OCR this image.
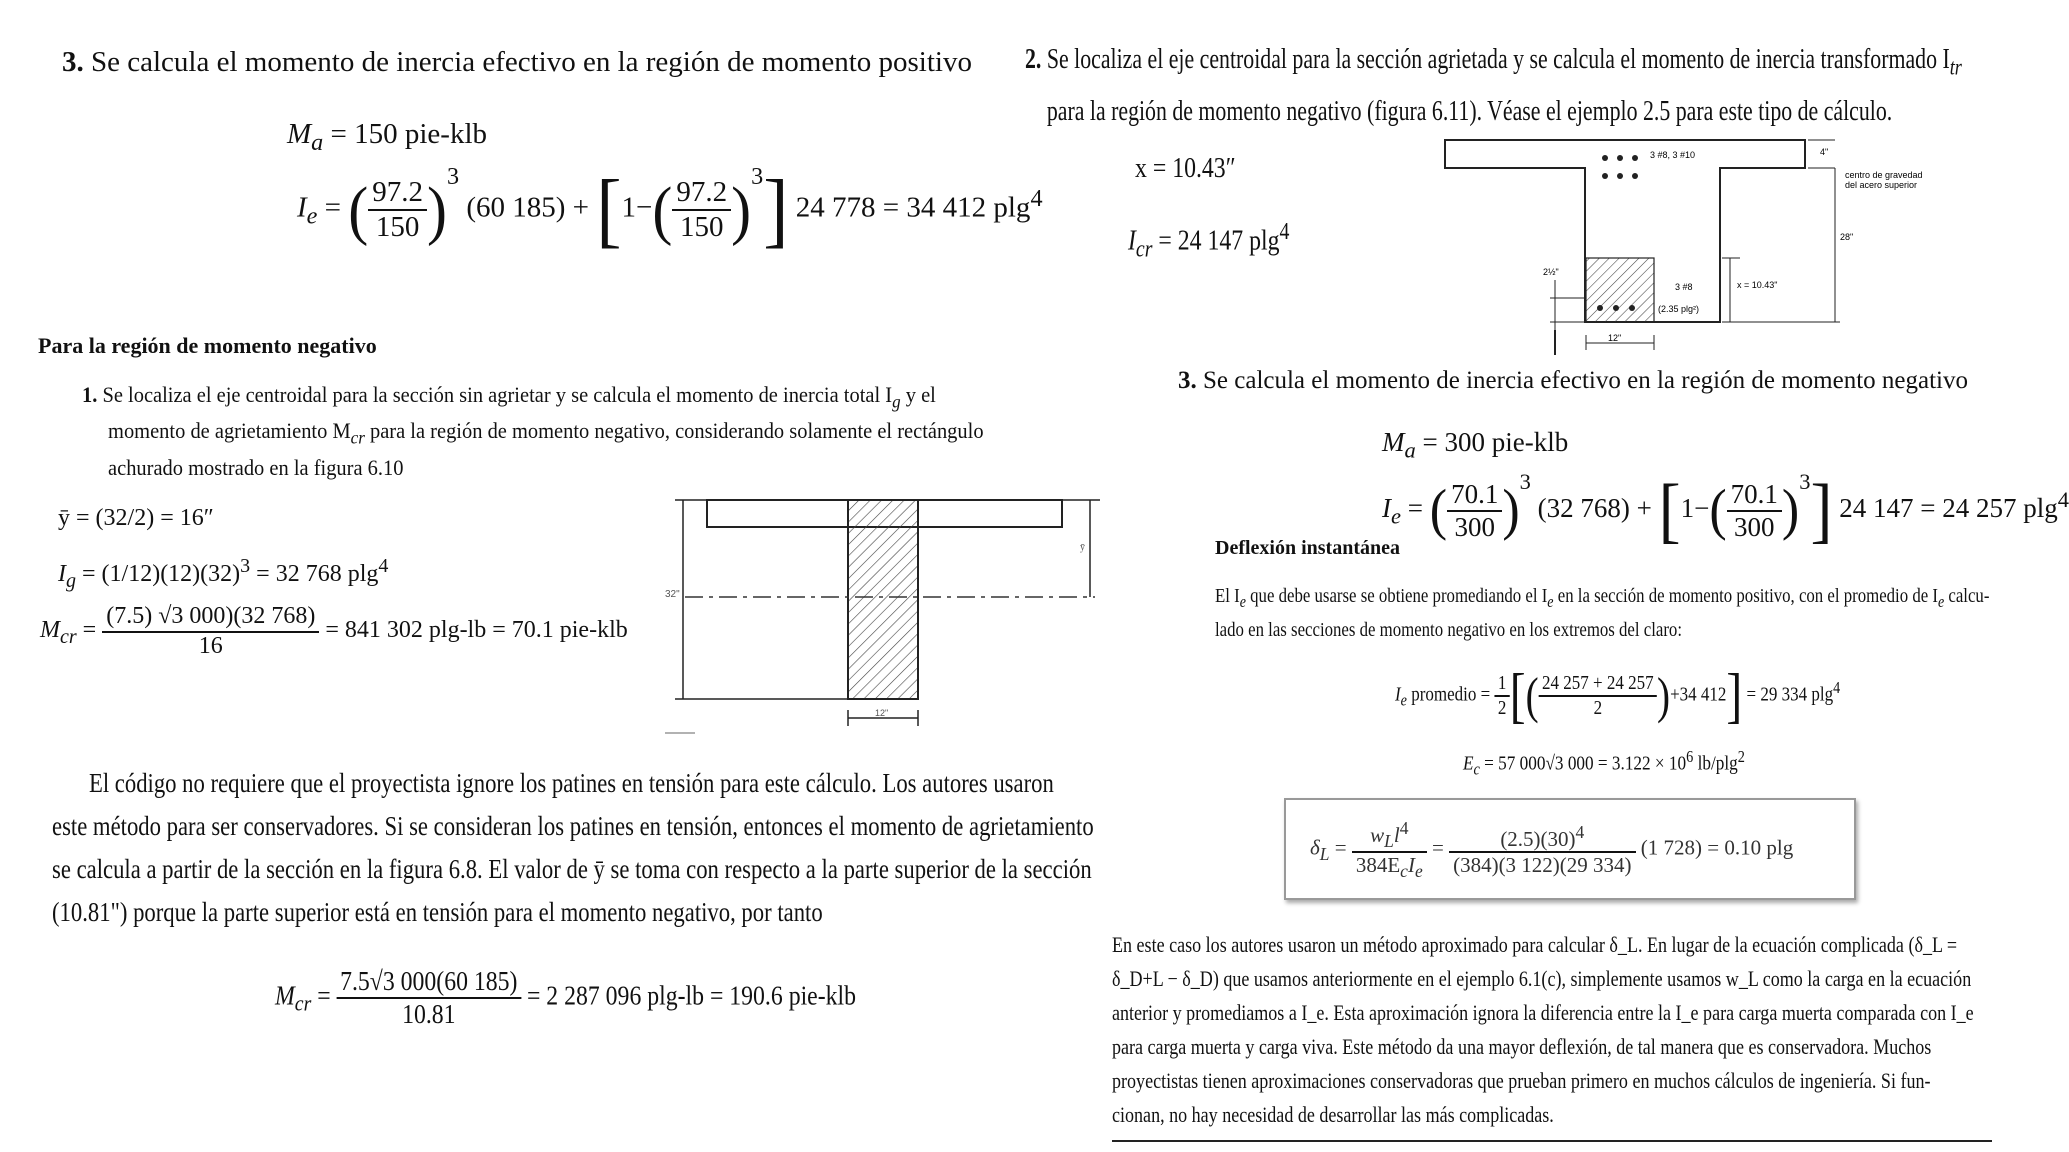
3. Se calcula el momento de inercia efectivo en la región de momento positivo
$M_a = 150$ pie-klb
$I_e$ = ( $\frac{97.2}{150} )^3$ (60 $185) + [1-( \frac{97.2}{150} )^3]$ 24 778 = 34 412 plg$^4$
Para la región de momento negativo
1. Se localiza el eje centroidal para la sección sin agrietar y se calcula el momento de inercia total $I_g$ y el
momento de agrietamiento $M_{cr}$ para la región de momento negativo, considerando solamente el rectángulo
achurado mostrado en la figura 6.10
ȳ = (32/2) = 16″
$I_g = (1/12)(12)(32)^3 = 32$ 768 plg$^4$
$M_{cr} = \frac{(7.5) √3 000)(32 768)}{16} = 841$ 302 plg-lb = 70.1 pie-klb
32"
ȳ
12"
El código no requiere que el proyectista ignore los patines en tensión para este cálculo. Los autores usaron
este método para ser conservadores. Si se consideran los patines en tensión, entonces el momento de agrietamiento
se calcula a partir de la sección en la figura 6.8. El valor de ȳ se toma con respecto a la parte superior de la sección
(10.81") porque la parte superior está en tensión para el momento negativo, por tanto
$M_{cr} = \frac{7.5√3 000(60 185)}{10.81} = 2$ 287 096 plg-lb = 190.6 pie-klb
2. Se localiza el eje centroidal para la sección agrietada y se calcula el momento de inercia transformado $I_{tr}$
para la región de momento negativo (figura 6.11). Véase el ejemplo 2.5 para este tipo de cálculo.
x = 10.43″
$I_{cr} = 24$ 147 plg$^4$
3 #8, 3 #10	4"
centro de gravedad
del acero superior
28"
2½"
3 #8
(2.35 plg²)
x = 10.43"
12"
3. Se calcula el momento de inercia efectivo en la región de momento negativo
$M_a = 300$ pie-klb
$I_e$ = ( $\frac{70.1}{300} )^3$ (32 $768) + [1-( \frac{70.1}{300} )^3]$ 24 147 = 24 257 plg$^4$
Deflexión instantánea
El $I_e$ que debe usarse se obtiene promediando el $I_e$ en la sección de momento positivo, con el promedio de $I_e$ calcu-
lado en las secciones de momento negativo en los extremos del claro:
$I_e$ promedio = $\frac{1}{2}$ [( $\frac{24 257 + 24 257}{2} )+34$ 412] = 29 334 plg$^4$
$E_c = 57$ 000√3 $000 = 3.122 \times 10^6$ lb/plg$^2$
$\delta_L = \frac{w_Ll^4}{384E_cI_e} = \frac{(2.5)(30)^4}{(384)(3 122)(29 334)} (1$ 728) = 0.10 plg
En este caso los autores usaron un método aproximado para calcular δ_L. En lugar de la ecuación complicada (δ_L =
δ_D+L − δ_D) que usamos anteriormente en el ejemplo 6.1(c), simplemente usamos w_L como la carga en la ecuación
anterior y promediamos a I_e. Esta aproximación ignora la diferencia entre la I_e para carga muerta comparada con I_e
para carga muerta y carga viva. Este método da una mayor deflexión, de tal manera que es conservadora. Muchos
proyectistas tienen aproximaciones conservadoras que prueban primero en muchos cálculos de ingeniería. Si fun-
cionan, no hay necesidad de desarrollar las más complicadas.
